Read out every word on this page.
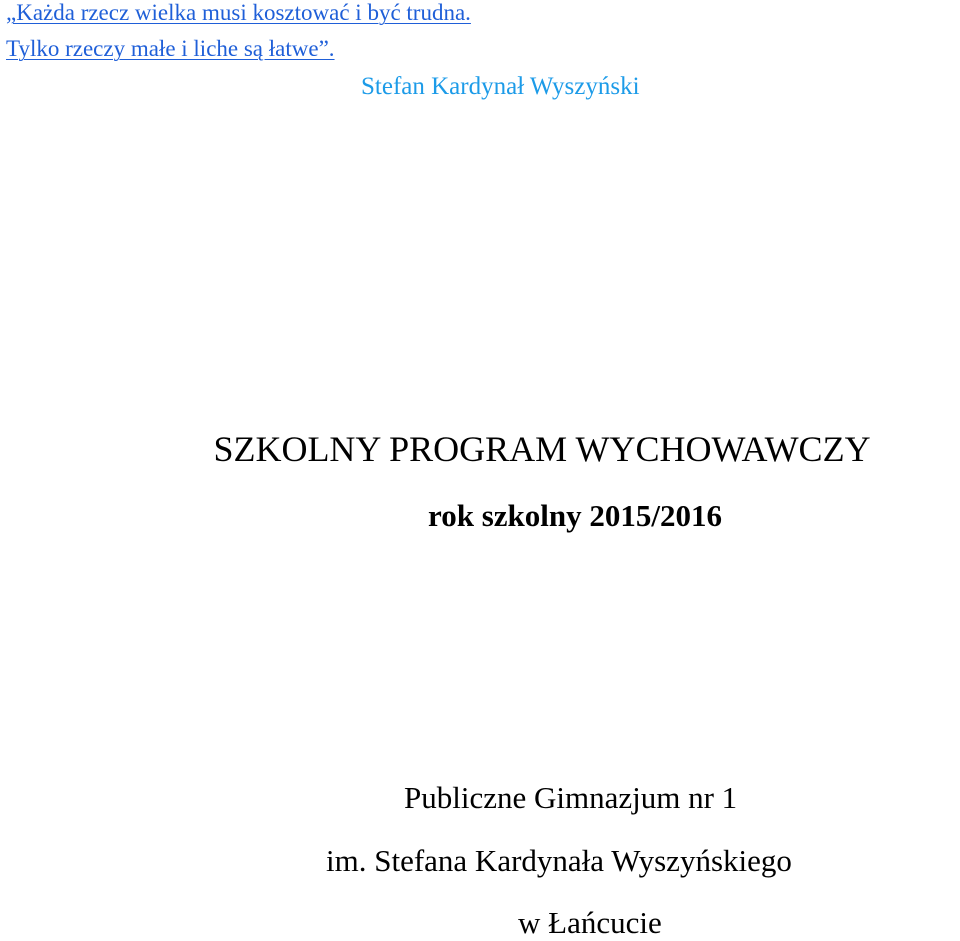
„Każda rzecz wielka musi kosztować i być trudna.
Tylko rzeczy małe i liche są łatwe”.
Stefan Kardynał Wyszyński
SZKOLNY PROGRAM WYCHOWAWCZY
rok szkolny 2015/2016
Publiczne Gimnazjum nr 1
im. Stefana Kardynała Wyszyńskiego
w Łańcucie
